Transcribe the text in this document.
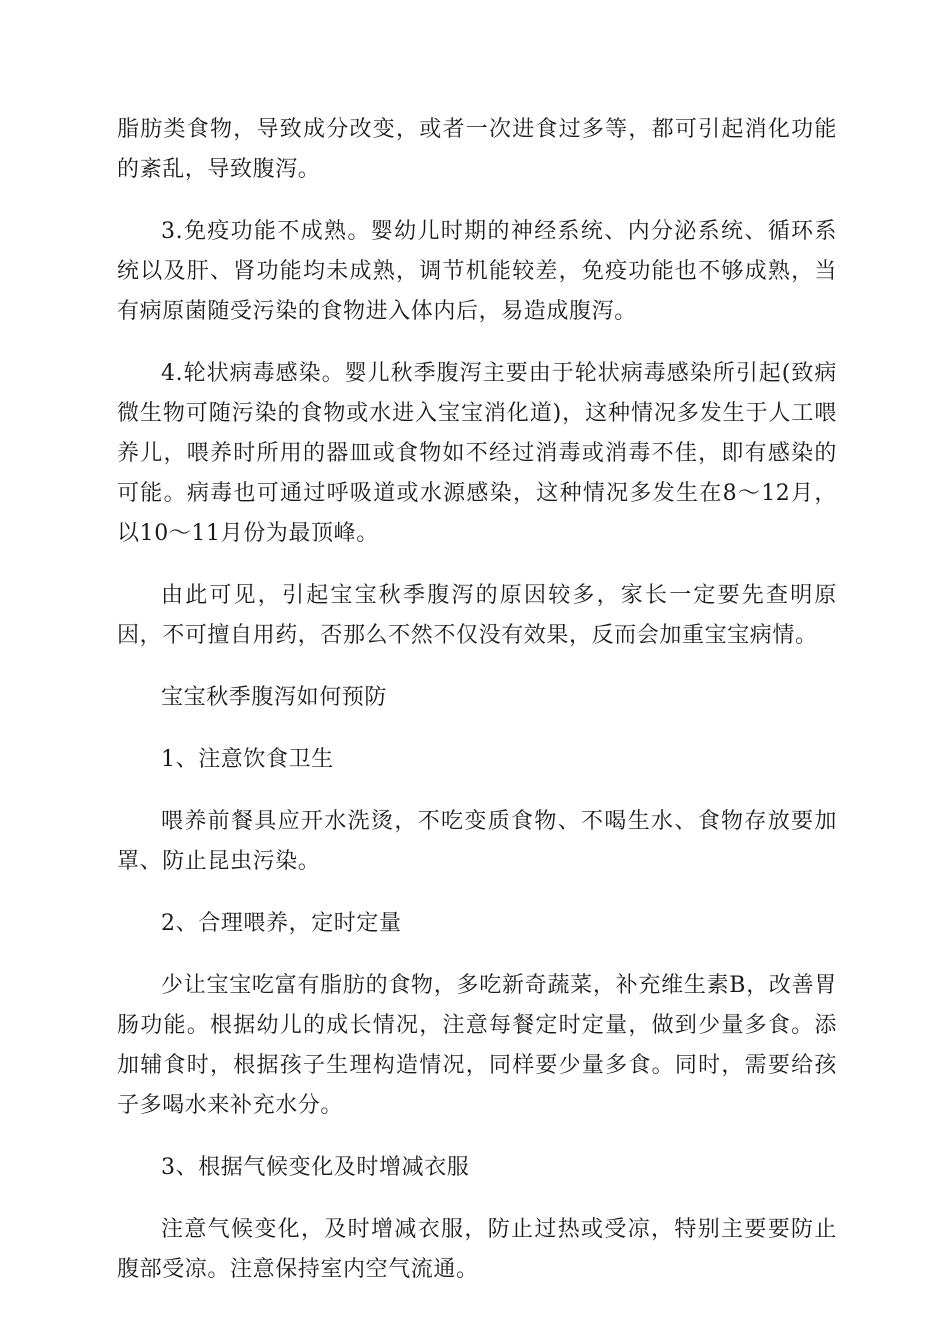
脂肪类食物，导致成分改变，或者一次进食过多等，都可引起消化功能的紊乱，导致腹泻。

3.免疫功能不成熟。婴幼儿时期的神经系统、内分泌系统、循环系统以及肝、肾功能均未成熟，调节机能较差，免疫功能也不够成熟，当有病原菌随受污染的食物进入体内后，易造成腹泻。

4.轮状病毒感染。婴儿秋季腹泻主要由于轮状病毒感染所引起(致病微生物可随污染的食物或水进入宝宝消化道)，这种情况多发生于人工喂养儿，喂养时所用的器皿或食物如不经过消毒或消毒不佳，即有感染的可能。病毒也可通过呼吸道或水源感染，这种情况多发生在8～12月，以10～11月份为最顶峰。

由此可见，引起宝宝秋季腹泻的原因较多，家长一定要先查明原因，不可擅自用药，否那么不然不仅没有效果，反而会加重宝宝病情。

宝宝秋季腹泻如何预防

1、注意饮食卫生

喂养前餐具应开水洗烫，不吃变质食物、不喝生水、食物存放要加罩、防止昆虫污染。

2、合理喂养，定时定量

少让宝宝吃富有脂肪的食物，多吃新奇蔬菜，补充维生素B，改善胃肠功能。根据幼儿的成长情况，注意每餐定时定量，做到少量多食。添加辅食时，根据孩子生理构造情况，同样要少量多食。同时，需要给孩子多喝水来补充水分。

3、根据气候变化及时增减衣服

注意气候变化，及时增减衣服，防止过热或受凉，特别主要要防止腹部受凉。注意保持室内空气流通。
